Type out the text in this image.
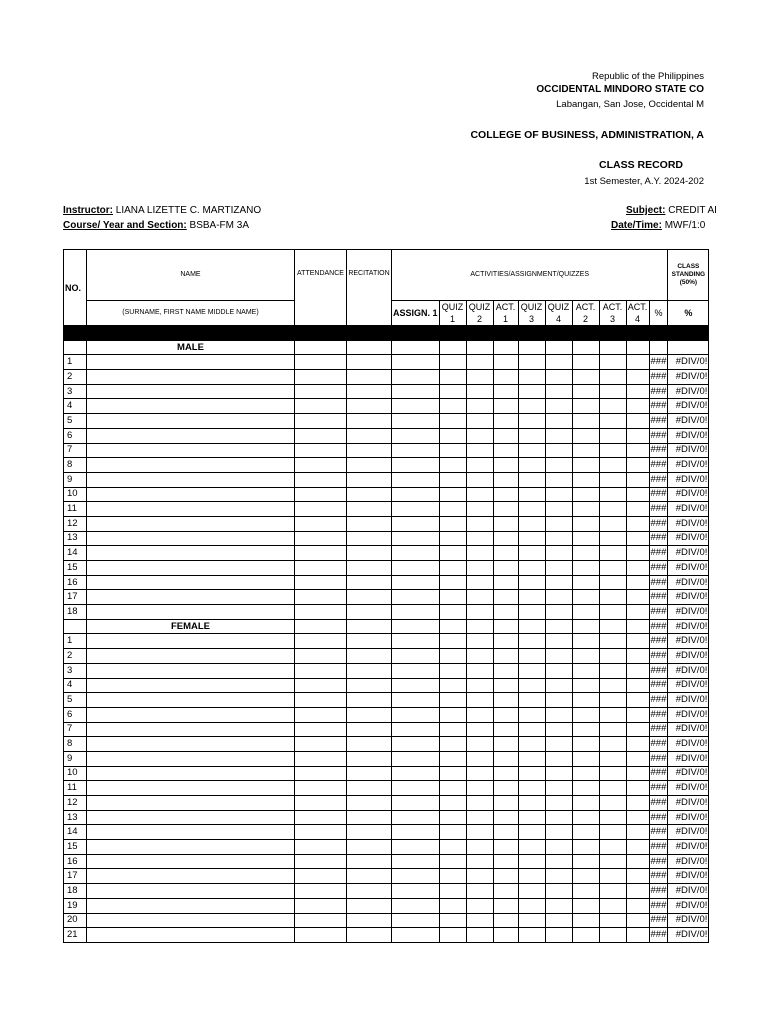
Republic of the Philippines
OCCIDENTAL MINDORO STATE CO
Labangan, San Jose, Occidental M
COLLEGE OF BUSINESS, ADMINISTRATION, A
CLASS RECORD
1st Semester, A.Y. 2024-202
Instructor: LIANA LIZETTE C. MARTIZANO
Course/ Year and Section: BSBA-FM 3A
Subject: CREDIT AI
Date/Time: MWF/1:0
NO.	NAME	ATTENDANCE	RECITATION	ACTIVITIES/ASSIGNMENT/QUIZZES										CLASS STANDING (50%)
	(SURNAME, FIRST NAME MIDDLE NAME)			ASSIGN. 1	QUIZ 1	QUIZ 2	ACT. 1	QUIZ 3	QUIZ 4	ACT. 2	ACT. 3	ACT. 4	%	%

	MALE													
1													###	#DIV/0!
2													###	#DIV/0!
3													###	#DIV/0!
4													###	#DIV/0!
5													###	#DIV/0!
6													###	#DIV/0!
7													###	#DIV/0!
8													###	#DIV/0!
9													###	#DIV/0!
10													###	#DIV/0!
11													###	#DIV/0!
12													###	#DIV/0!
13													###	#DIV/0!
14													###	#DIV/0!
15													###	#DIV/0!
16													###	#DIV/0!
17													###	#DIV/0!
18													###	#DIV/0!
	FEMALE												###	#DIV/0!
1													###	#DIV/0!
2													###	#DIV/0!
3													###	#DIV/0!
4													###	#DIV/0!
5													###	#DIV/0!
6													###	#DIV/0!
7													###	#DIV/0!
8													###	#DIV/0!
9													###	#DIV/0!
10													###	#DIV/0!
11													###	#DIV/0!
12													###	#DIV/0!
13													###	#DIV/0!
14													###	#DIV/0!
15													###	#DIV/0!
16													###	#DIV/0!
17													###	#DIV/0!
18													###	#DIV/0!
19													###	#DIV/0!
20													###	#DIV/0!
21													###	#DIV/0!
